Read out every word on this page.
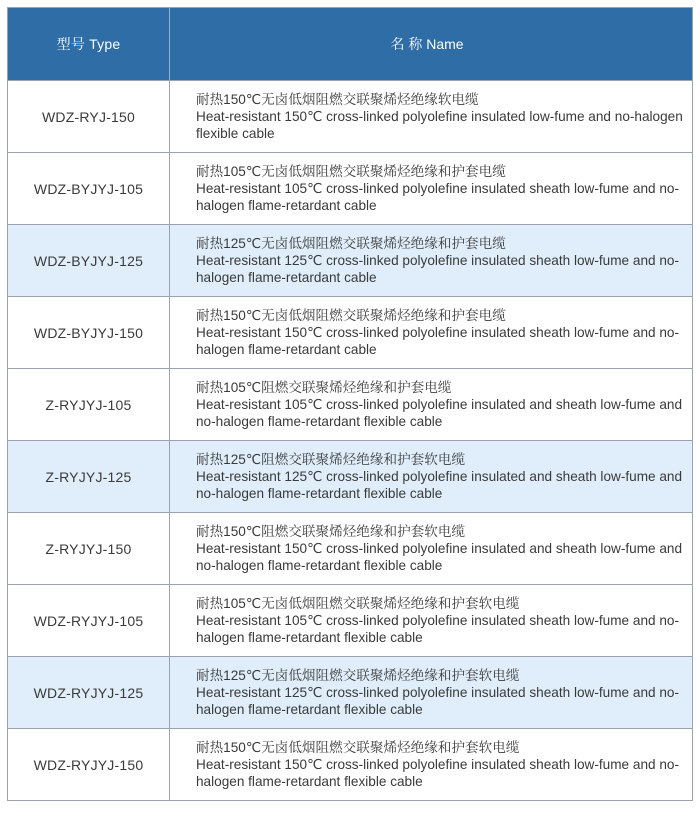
型号 Type	名 称 Name
WDZ-RYJ-150
耐热150℃无卤低烟阻燃交联聚烯烃绝缘软电缆
Heat-resistant 150℃ cross-linked polyolefine insulated low-fume and no-halogen flexible cable
WDZ-BYJYJ-105
耐热105℃无卤低烟阻燃交联聚烯烃绝缘和护套电缆
Heat-resistant 105℃ cross-linked polyolefine insulated sheath low-fume and no-halogen flame-retardant cable
WDZ-BYJYJ-125
耐热125℃无卤低烟阻燃交联聚烯烃绝缘和护套电缆
Heat-resistant 125℃ cross-linked polyolefine insulated sheath low-fume and no-halogen flame-retardant cable
WDZ-BYJYJ-150
耐热150℃无卤低烟阻燃交联聚烯烃绝缘和护套电缆
Heat-resistant 150℃ cross-linked polyolefine insulated sheath low-fume and no-halogen flame-retardant cable
Z-RYJYJ-105
耐热105℃阻燃交联聚烯烃绝缘和护套电缆
Heat-resistant 105℃ cross-linked polyolefine insulated and sheath low-fume and no-halogen flame-retardant flexible cable
Z-RYJYJ-125
耐热125℃阻燃交联聚烯烃绝缘和护套软电缆
Heat-resistant 125℃ cross-linked polyolefine insulated and sheath low-fume and no-halogen flame-retardant flexible cable
Z-RYJYJ-150
耐热150℃阻燃交联聚烯烃绝缘和护套软电缆
Heat-resistant 150℃ cross-linked polyolefine insulated and sheath low-fume and no-halogen flame-retardant flexible cable
WDZ-RYJYJ-105
耐热105℃无卤低烟阻燃交联聚烯烃绝缘和护套软电缆
Heat-resistant 105℃ cross-linked polyolefine insulated sheath low-fume and no-halogen flame-retardant flexible cable
WDZ-RYJYJ-125
耐热125℃无卤低烟阻燃交联聚烯烃绝缘和护套软电缆
Heat-resistant 125℃ cross-linked polyolefine insulated sheath low-fume and no-halogen flame-retardant flexible cable
WDZ-RYJYJ-150
耐热150℃无卤低烟阻燃交联聚烯烃绝缘和护套软电缆
Heat-resistant 150℃ cross-linked polyolefine insulated sheath low-fume and no-halogen flame-retardant flexible cable
